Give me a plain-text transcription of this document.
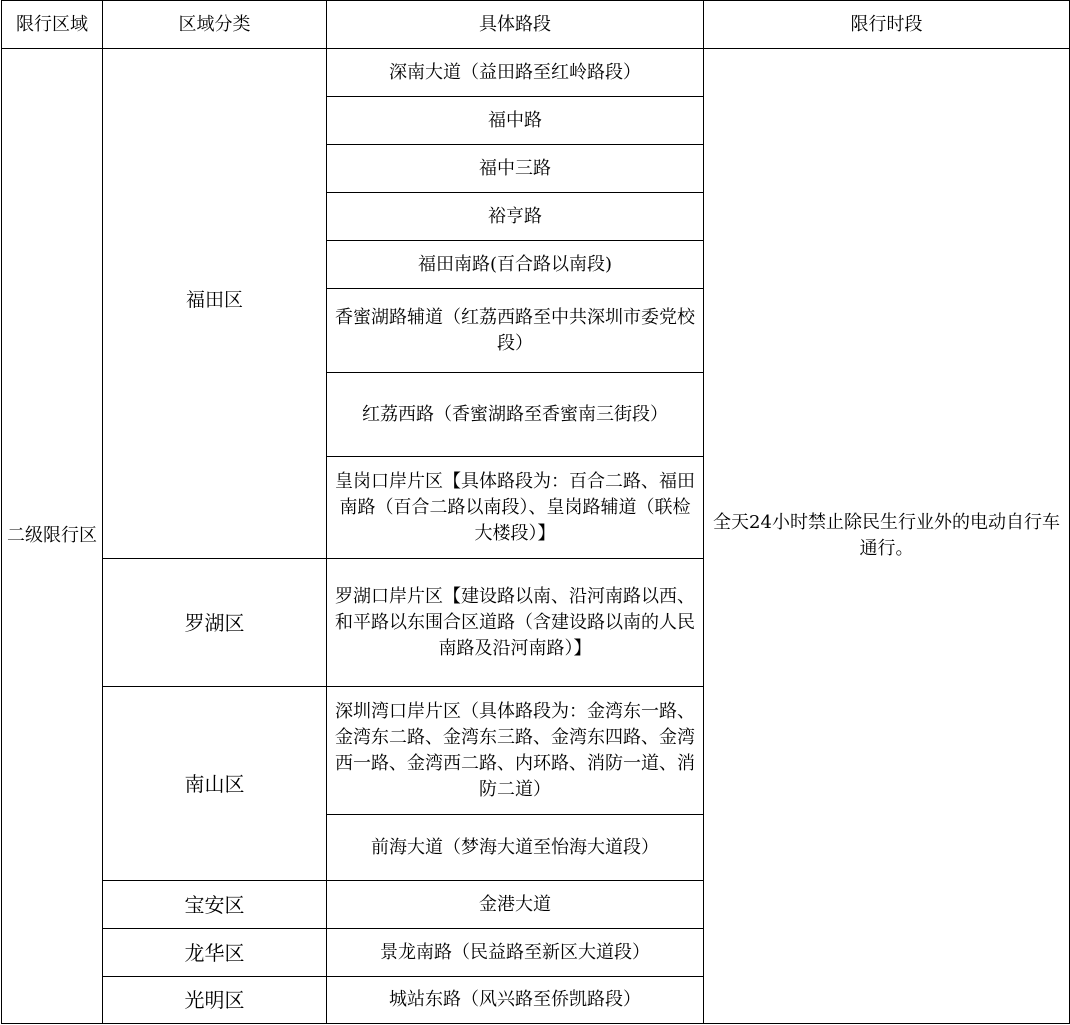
限行区域	区域分类	具体路段	限行时段
二级限行区	福田区	深南大道（益田路至红岭路段）	全天24小时禁止除民生行业外的电动自行车通行。
		福中路	
		福中三路	
		裕亨路	
		福田南路(百合路以南段)	
		香蜜湖路辅道（红荔西路至中共深圳市委党校段）	
		红荔西路（香蜜湖路至香蜜南三街段）	
		皇岗口岸片区【具体路段为：百合二路、福田南路（百合二路以南段）、皇岗路辅道（联检大楼段）】	
	罗湖区	罗湖口岸片区【建设路以南、沿河南路以西、和平路以东围合区道路（含建设路以南的人民南路及沿河南路）】	
	南山区	深圳湾口岸片区（具体路段为：金湾东一路、金湾东二路、金湾东三路、金湾东四路、金湾西一路、金湾西二路、内环路、消防一道、消防二道）	
		前海大道（梦海大道至怡海大道段）	
	宝安区	金港大道	
	龙华区	景龙南路（民益路至新区大道段）	
	光明区	城站东路（风兴路至侨凯路段）	
